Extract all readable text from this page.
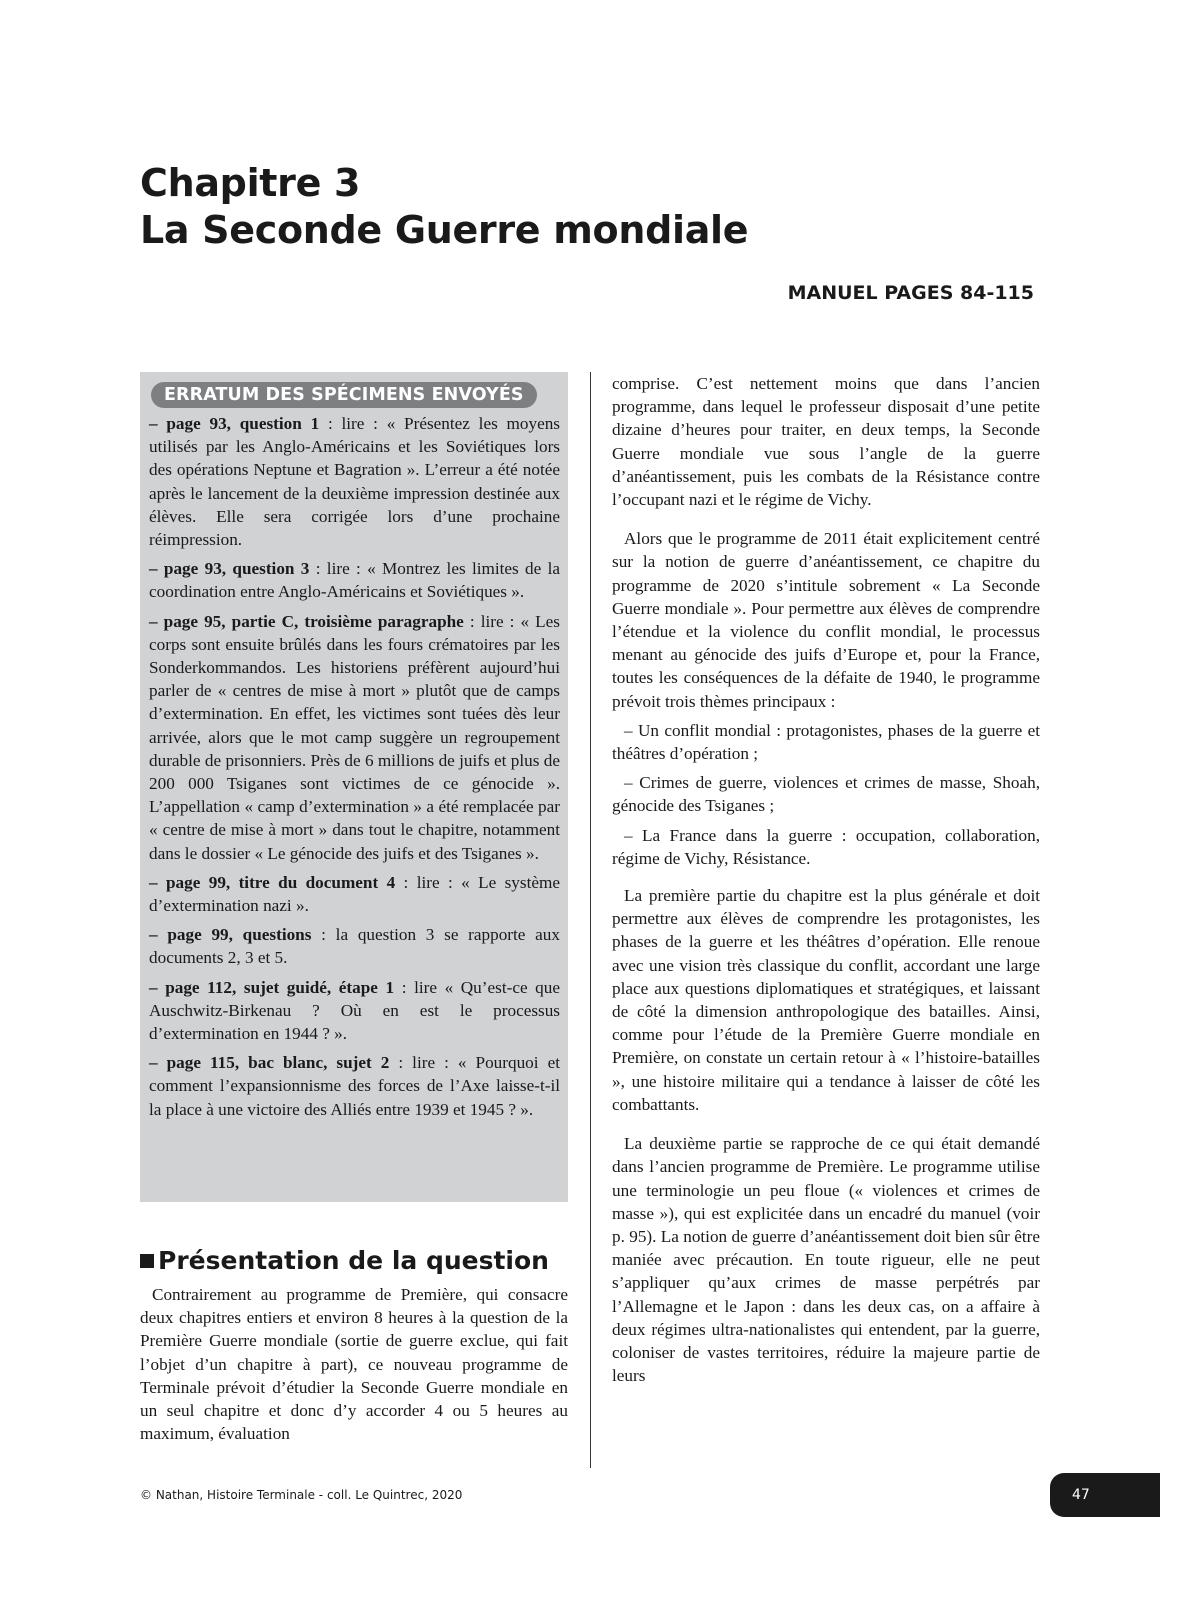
Chapitre 3
La Seconde Guerre mondiale
MANUEL PAGES 84-115
ERRATUM DES SPÉCIMENS ENVOYÉS

– page 93, question 1 : lire : « Présentez les moyens utilisés par les Anglo-Américains et les Soviétiques lors des opérations Neptune et Bagration ». L’erreur a été notée après le lancement de la deuxième impression destinée aux élèves. Elle sera corrigée lors d’une prochaine réimpression.

– page 93, question 3 : lire : « Montrez les limites de la coordination entre Anglo-Américains et Soviétiques ».

– page 95, partie C, troisième paragraphe : lire : « Les corps sont ensuite brûlés dans les fours crématoires par les Sonderkommandos. Les historiens préfèrent aujourd’hui parler de « centres de mise à mort » plutôt que de camps d’extermination. En effet, les victimes sont tuées dès leur arrivée, alors que le mot camp suggère un regroupement durable de prisonniers. Près de 6 millions de juifs et plus de 200 000 Tsiganes sont victimes de ce génocide ». L’appellation « camp d’extermination » a été remplacée par « centre de mise à mort » dans tout le chapitre, notamment dans le dossier « Le génocide des juifs et des Tsiganes ».

– page 99, titre du document 4 : lire : « Le système d’extermination nazi ».

– page 99, questions : la question 3 se rapporte aux documents 2, 3 et 5.

– page 112, sujet guidé, étape 1 : lire « Qu’est-ce que Auschwitz-Birkenau ? Où en est le processus d’extermination en 1944 ? ».

– page 115, bac blanc, sujet 2 : lire : « Pourquoi et comment l’expansionnisme des forces de l’Axe laisse-t-il la place à une victoire des Alliés entre 1939 et 1945 ? ».

Présentation de la question

Contrairement au programme de Première, qui consacre deux chapitres entiers et environ 8 heures à la question de la Première Guerre mondiale (sortie de guerre exclue, qui fait l’objet d’un chapitre à part), ce nouveau programme de Terminale prévoit d’étudier la Seconde Guerre mondiale en un seul chapitre et donc d’y accorder 4 ou 5 heures au maximum, évaluation

comprise. C’est nettement moins que dans l’ancien programme, dans lequel le professeur disposait d’une petite dizaine d’heures pour traiter, en deux temps, la Seconde Guerre mondiale vue sous l’angle de la guerre d’anéantissement, puis les combats de la Résistance contre l’occupant nazi et le régime de Vichy.

Alors que le programme de 2011 était explicitement centré sur la notion de guerre d’anéantissement, ce chapitre du programme de 2020 s’intitule sobrement « La Seconde Guerre mondiale ». Pour permettre aux élèves de comprendre l’étendue et la violence du conflit mondial, le processus menant au génocide des juifs d’Europe et, pour la France, toutes les conséquences de la défaite de 1940, le programme prévoit trois thèmes principaux :

– Un conflit mondial : protagonistes, phases de la guerre et théâtres d’opération ;
– Crimes de guerre, violences et crimes de masse, Shoah, génocide des Tsiganes ;
– La France dans la guerre : occupation, collaboration, régime de Vichy, Résistance.

La première partie du chapitre est la plus générale et doit permettre aux élèves de comprendre les protagonistes, les phases de la guerre et les théâtres d’opération. Elle renoue avec une vision très classique du conflit, accordant une large place aux questions diplomatiques et stratégiques, et laissant de côté la dimension anthropologique des batailles. Ainsi, comme pour l’étude de la Première Guerre mondiale en Première, on constate un certain retour à « l’histoire-batailles », une histoire militaire qui a tendance à laisser de côté les combattants.

La deuxième partie se rapproche de ce qui était demandé dans l’ancien programme de Première. Le programme utilise une terminologie un peu floue (« violences et crimes de masse »), qui est explicitée dans un encadré du manuel (voir p. 95). La notion de guerre d’anéantissement doit bien sûr être maniée avec précaution. En toute rigueur, elle ne peut s’appliquer qu’aux crimes de masse perpétrés par l’Allemagne et le Japon : dans les deux cas, on a affaire à deux régimes ultra-nationalistes qui entendent, par la guerre, coloniser de vastes territoires, réduire la majeure partie de leurs

© Nathan, Histoire Terminale - coll. Le Quintrec, 2020	47
